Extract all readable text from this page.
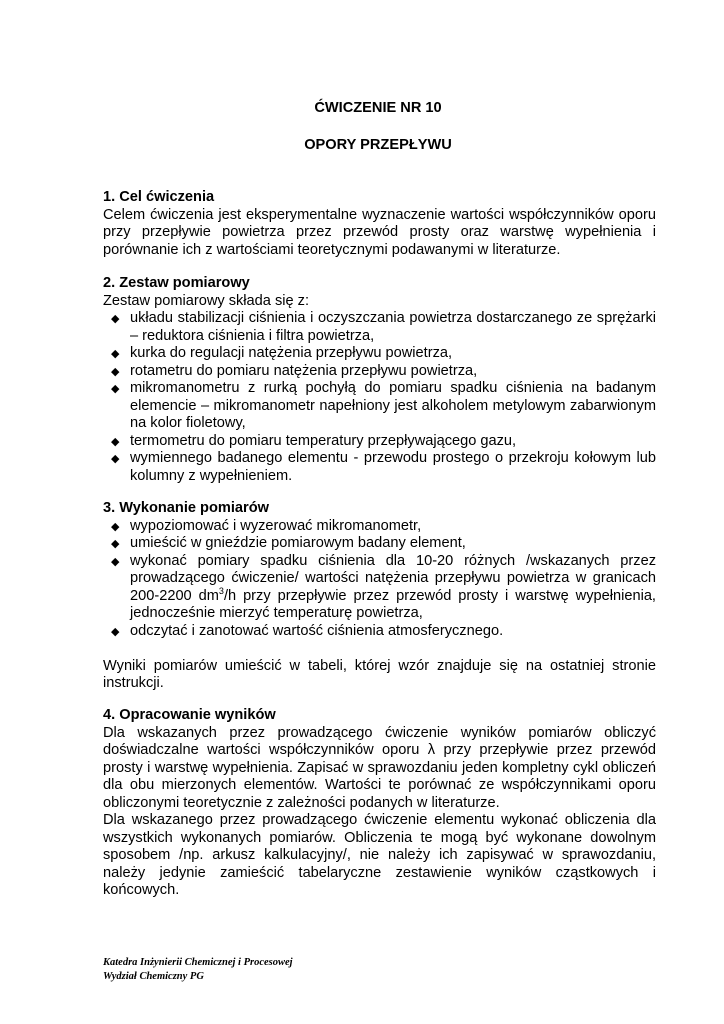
ĆWICZENIE NR 10
OPORY PRZEPŁYWU
1. Cel ćwiczenia
Celem ćwiczenia jest eksperymentalne wyznaczenie wartości współczynników oporu przy przepływie powietrza przez przewód prosty oraz warstwę wypełnienia i porównanie ich z wartościami teoretycznymi podawanymi w literaturze.
2. Zestaw pomiarowy
Zestaw pomiarowy składa się z:
◆ układu stabilizacji ciśnienia i oczyszczania powietrza dostarczanego ze sprężarki – reduktora ciśnienia i filtra powietrza,
◆ kurka do regulacji natężenia przepływu powietrza,
◆ rotametru do pomiaru natężenia przepływu powietrza,
◆ mikromanometru z rurką pochyłą do pomiaru spadku ciśnienia na badanym elemencie – mikromanometr napełniony jest alkoholem metylowym zabarwionym na kolor fioletowy,
◆ termometru do pomiaru temperatury przepływającego gazu,
◆ wymiennego badanego elementu - przewodu prostego o przekroju kołowym lub kolumny z wypełnieniem.
3. Wykonanie pomiarów
◆ wypoziomować i wyzerować mikromanometr,
◆ umieścić w gnieździe pomiarowym badany element,
◆ wykonać pomiary spadku ciśnienia dla 10-20 różnych /wskazanych przez prowadzącego ćwiczenie/ wartości natężenia przepływu powietrza w granicach 200-2200 $dm^3/h$ przy przepływie przez przewód prosty i warstwę wypełnienia, jednocześnie mierzyć temperaturę powietrza,
◆ odczytać i zanotować wartość ciśnienia atmosferycznego.
Wyniki pomiarów umieścić w tabeli, której wzór znajduje się na ostatniej stronie instrukcji.
4. Opracowanie wyników
Dla wskazanych przez prowadzącego ćwiczenie wyników pomiarów obliczyć doświadczalne wartości współczynników oporu λ przy przepływie przez przewód prosty i warstwę wypełnienia. Zapisać w sprawozdaniu jeden kompletny cykl obliczeń dla obu mierzonych elementów. Wartości te porównać ze współczynnikami oporu obliczonymi teoretycznie z zależności podanych w literaturze.
Dla wskazanego przez prowadzącego ćwiczenie elementu wykonać obliczenia dla wszystkich wykonanych pomiarów. Obliczenia te mogą być wykonane dowolnym sposobem /np. arkusz kalkulacyjny/, nie należy ich zapisywać w sprawozdaniu, należy jedynie zamieścić tabelaryczne zestawienie wyników cząstkowych i końcowych.
Katedra Inżynierii Chemicznej i Procesowej
Wydział Chemiczny PG
